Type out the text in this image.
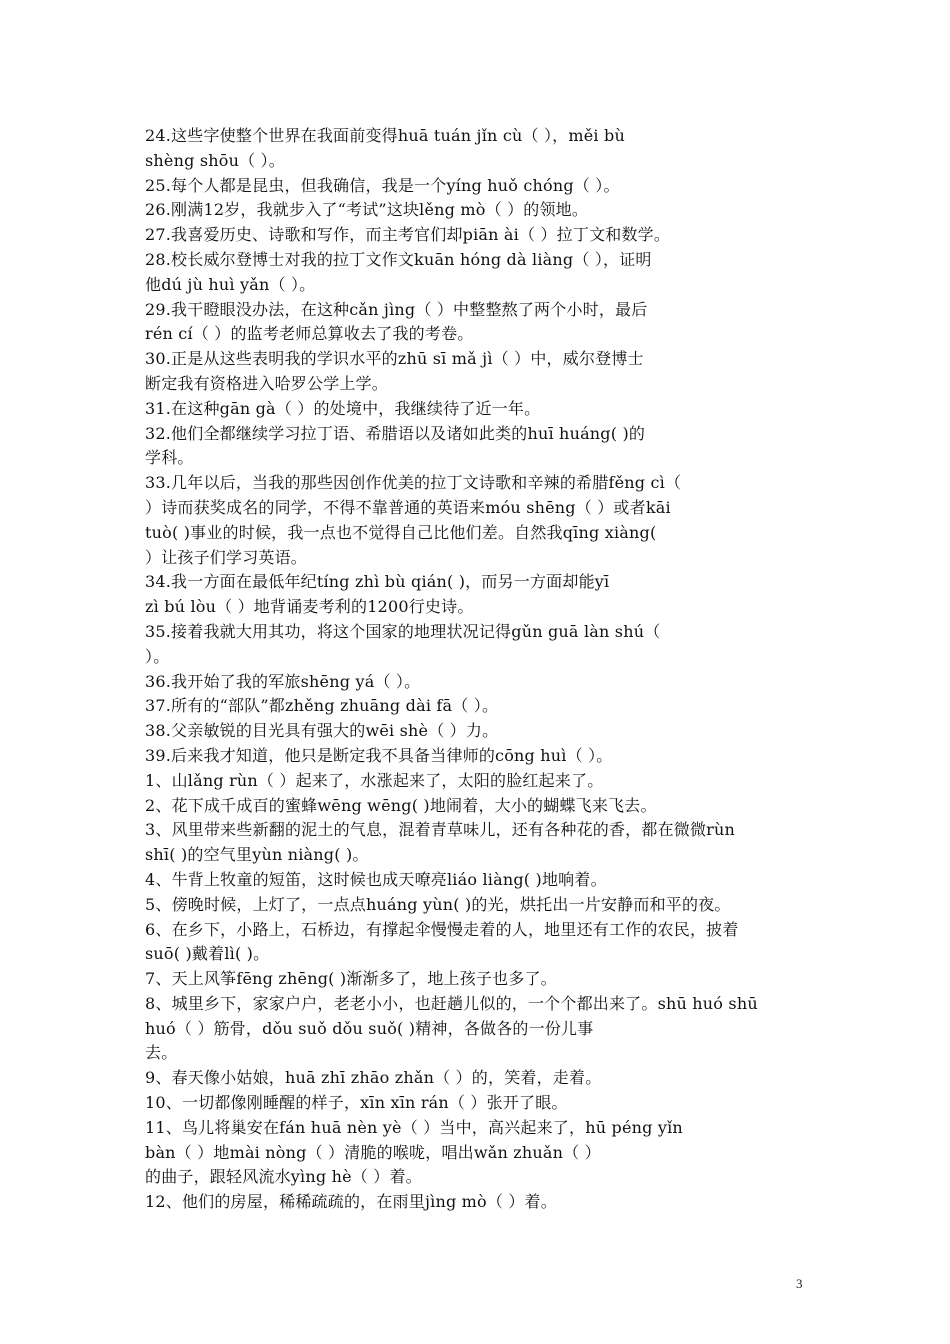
24.这些字使整个世界在我面前变得huā tuán jǐn cù（ ），měi bù
shèng shōu（ ）。
25.每个人都是昆虫，但我确信，我是一个yíng huǒ chóng（ ）。
26.刚满12岁，我就步入了“考试”这块lěng mò（ ）的领地。
27.我喜爱历史、诗歌和写作，而主考官们却piān ài（ ）拉丁文和数学。
28.校长威尔登博士对我的拉丁文作文kuān hóng dà liàng（ ），证明
他dú jù huì yǎn（ ）。
29.我干瞪眼没办法，在这种cǎn jìng（ ）中整整熬了两个小时，最后
rén cí（ ）的监考老师总算收去了我的考卷。
30.正是从这些表明我的学识水平的zhū sī mǎ jì（ ）中，威尔登博士
断定我有资格进入哈罗公学上学。
31.在这种gān gà（ ）的处境中，我继续待了近一年。
32.他们全都继续学习拉丁语、希腊语以及诸如此类的huī huáng( )的
学科。
33.几年以后，当我的那些因创作优美的拉丁文诗歌和辛辣的希腊fěng cì（
）诗而获奖成名的同学，不得不靠普通的英语来móu shēng（ ）或者kāi
tuò( )事业的时候，我一点也不觉得自己比他们差。自然我qīng xiàng(
）让孩子们学习英语。
34.我一方面在最低年纪tíng zhì bù qián( )，而另一方面却能yī
zì bú lòu（ ）地背诵麦考利的1200行史诗。
35.接着我就大用其功，将这个国家的地理状况记得gǔn guā làn shú（
）。
36.我开始了我的军旅shēng yá（ ）。
37.所有的“部队”都zhěng zhuāng dài fā（ ）。
38.父亲敏锐的目光具有强大的wēi shè（ ）力。
39.后来我才知道，他只是断定我不具备当律师的cōng huì（ ）。
1、山lǎng rùn（ ）起来了，水涨起来了，太阳的脸红起来了。
2、花下成千成百的蜜蜂wēng wēng( )地闹着，大小的蝴蝶飞来飞去。
3、风里带来些新翻的泥土的气息，混着青草味儿，还有各种花的香，都在微微rùn
shī( )的空气里yùn niàng( )。
4、牛背上牧童的短笛，这时候也成天嘹亮liáo liàng( )地响着。
5、傍晚时候，上灯了，一点点huáng yùn( )的光，烘托出一片安静而和平的夜。
6、在乡下，小路上，石桥边，有撑起伞慢慢走着的人，地里还有工作的农民，披着
suō( )戴着lì( )。
7、天上风筝fēng zhēng( )渐渐多了，地上孩子也多了。
8、城里乡下，家家户户，老老小小，也赶趟儿似的，一个个都出来了。shū huó shū
huó（ ）筋骨，dǒu suǒ dǒu suǒ( )精神，各做各的一份儿事
去。
9、春天像小姑娘，huā zhī zhāo zhǎn（ ）的，笑着，走着。
10、一切都像刚睡醒的样子，xīn xīn rán（ ）张开了眼。
11、鸟儿将巢安在fán huā nèn yè（ ）当中，高兴起来了，hū péng yǐn
bàn（ ）地mài nòng（ ）清脆的喉咙，唱出wǎn zhuǎn（ ）
的曲子，跟轻风流水yìng hè（ ）着。
12、他们的房屋，稀稀疏疏的，在雨里jìng mò（ ）着。
3
